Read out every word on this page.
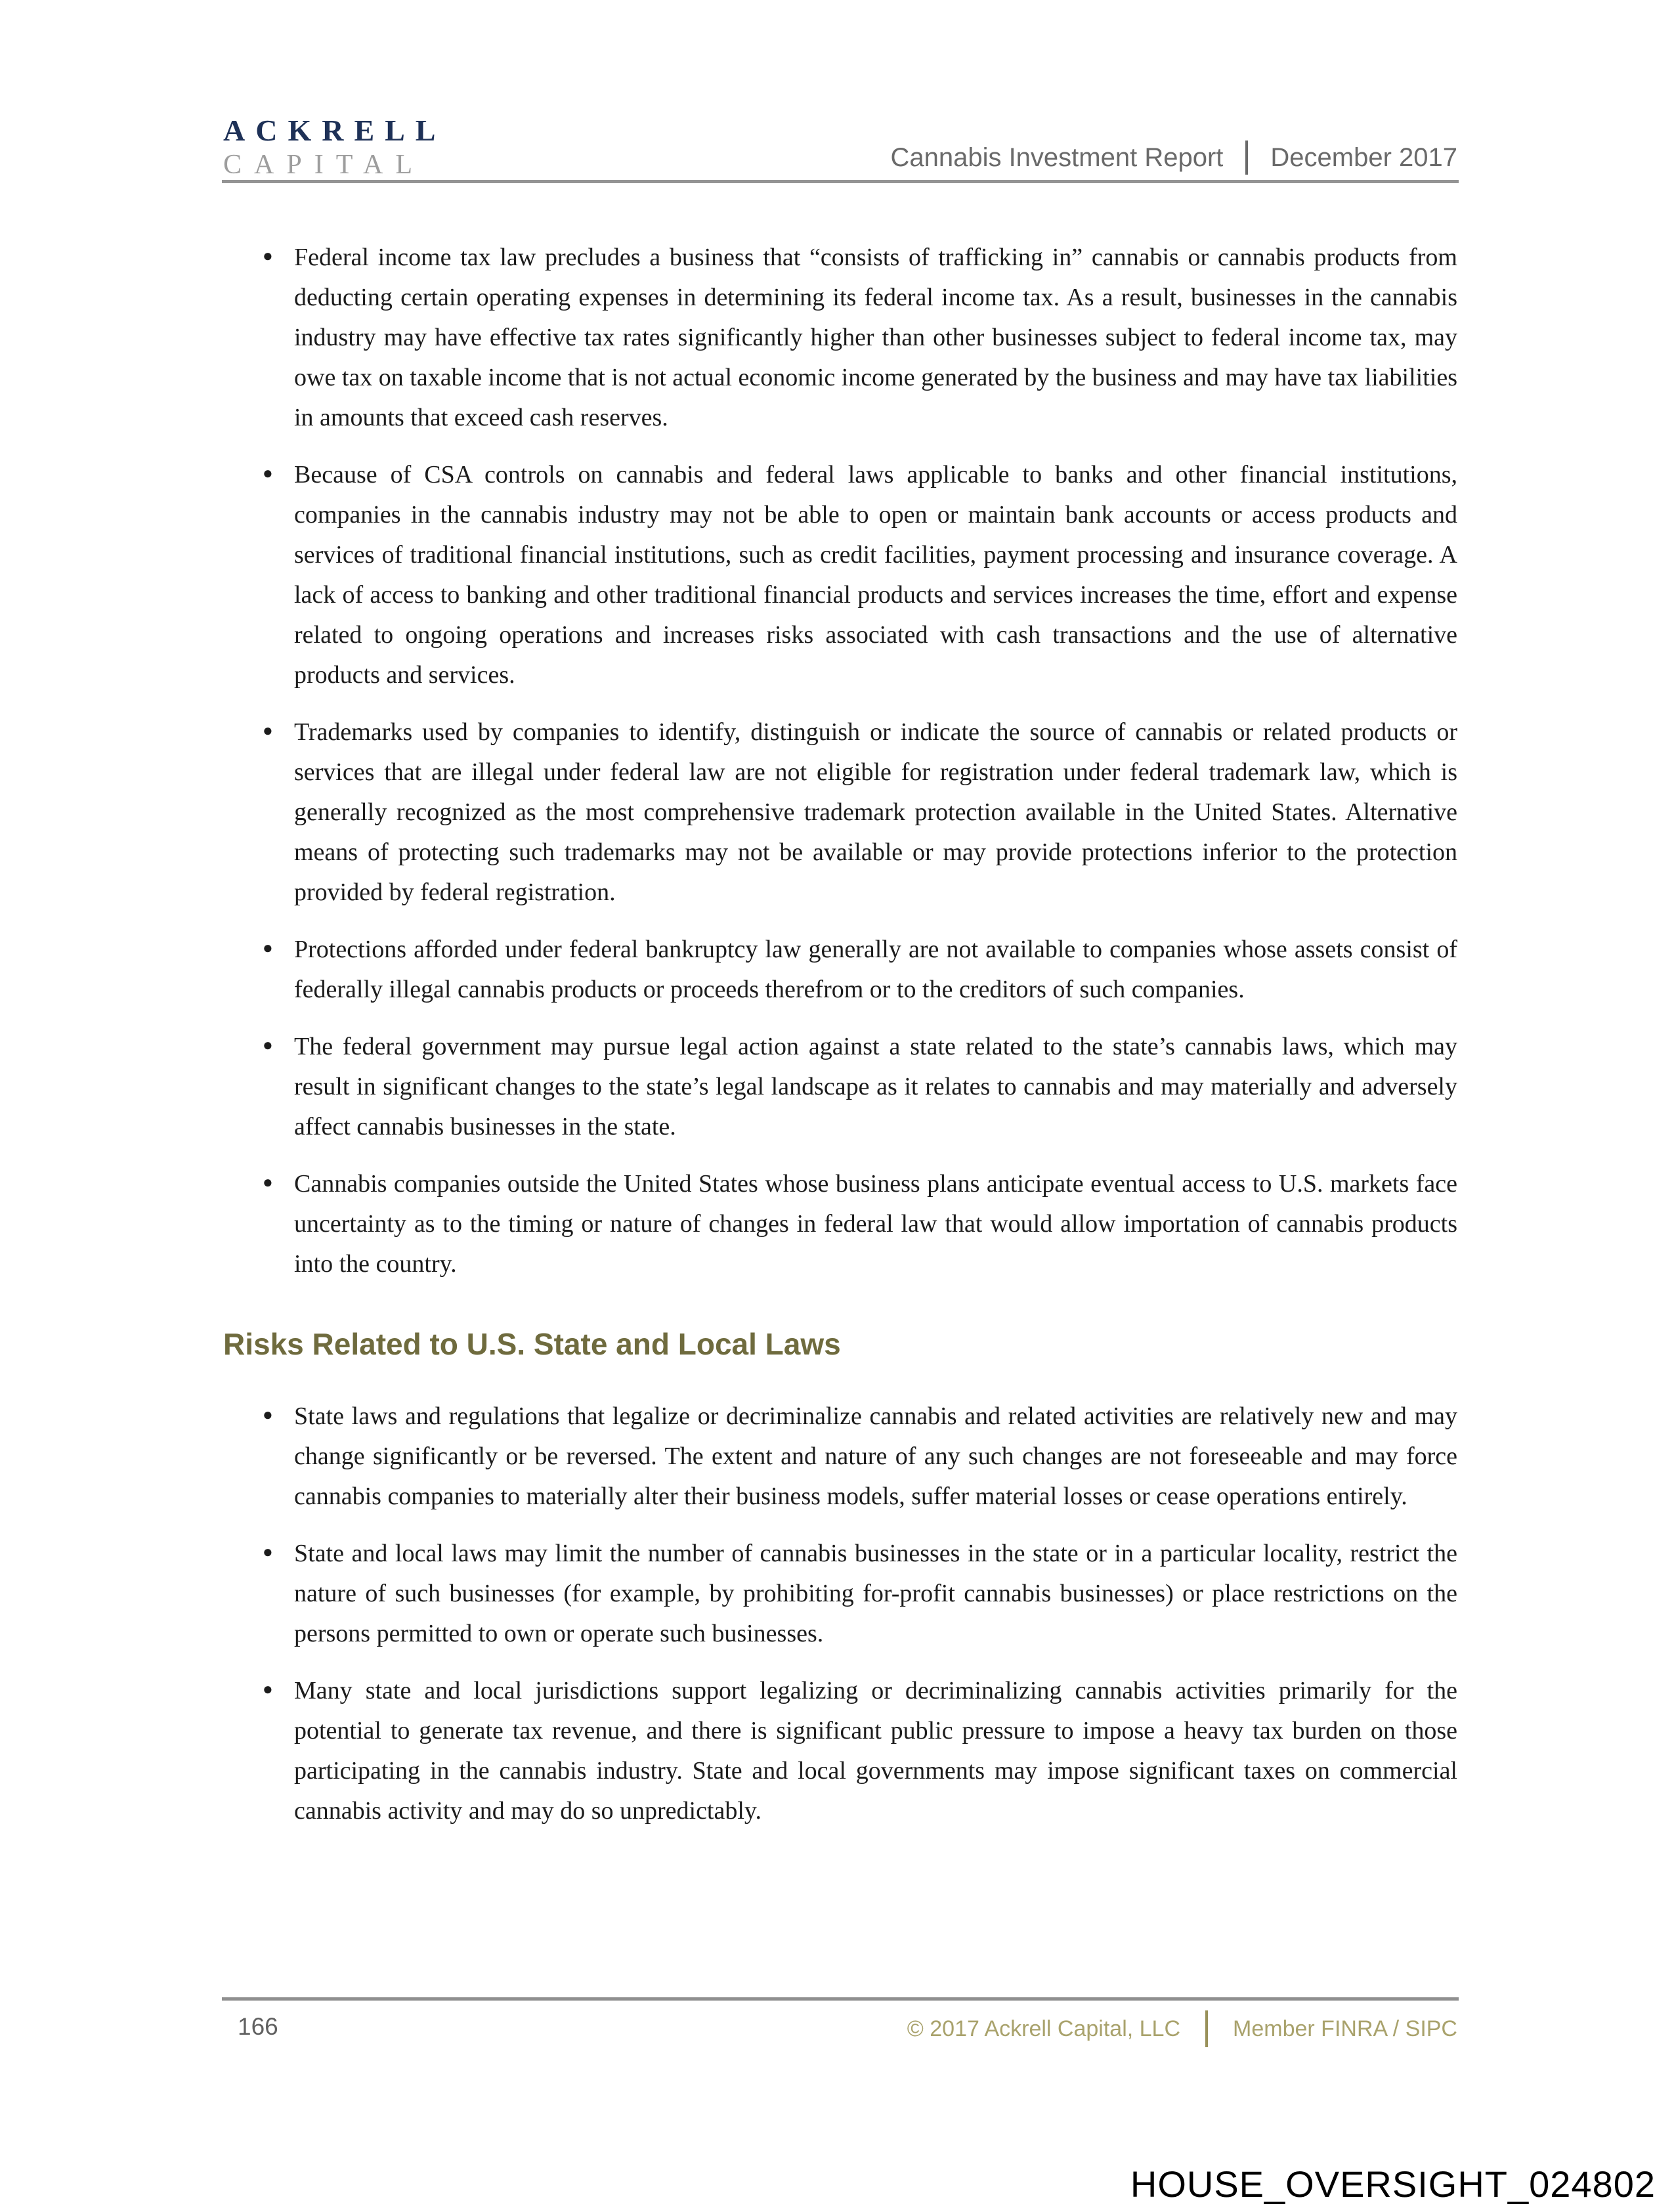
ACKRELL
CAPITAL	Cannabis Investment Report December 2017
● Federal income tax law precludes a business that “consists of trafficking in” cannabis or cannabis products from deducting certain operating expenses in determining its federal income tax. As a result, businesses in the cannabis industry may have effective tax rates significantly higher than other businesses subject to federal income tax, may owe tax on taxable income that is not actual economic income generated by the business and may have tax liabilities in amounts that exceed cash reserves.
● Because of CSA controls on cannabis and federal laws applicable to banks and other financial institutions, companies in the cannabis industry may not be able to open or maintain bank accounts or access products and services of traditional financial institutions, such as credit facilities, payment processing and insurance coverage. A lack of access to banking and other traditional financial products and services increases the time, effort and expense related to ongoing operations and increases risks associated with cash transactions and the use of alternative products and services.
● Trademarks used by companies to identify, distinguish or indicate the source of cannabis or related products or services that are illegal under federal law are not eligible for registration under federal trademark law, which is generally recognized as the most comprehensive trademark protection available in the United States. Alternative means of protecting such trademarks may not be available or may provide protections inferior to the protection provided by federal registration.
● Protections afforded under federal bankruptcy law generally are not available to companies whose assets consist of federally illegal cannabis products or proceeds therefrom or to the creditors of such companies.
● The federal government may pursue legal action against a state related to the state’s cannabis laws, which may result in significant changes to the state’s legal landscape as it relates to cannabis and may materially and adversely affect cannabis businesses in the state.
● Cannabis companies outside the United States whose business plans anticipate eventual access to U.S. markets face uncertainty as to the timing or nature of changes in federal law that would allow importation of cannabis products into the country.
Risks Related to U.S. State and Local Laws
● State laws and regulations that legalize or decriminalize cannabis and related activities are relatively new and may change significantly or be reversed. The extent and nature of any such changes are not foreseeable and may force cannabis companies to materially alter their business models, suffer material losses or cease operations entirely.
● State and local laws may limit the number of cannabis businesses in the state or in a particular locality, restrict the nature of such businesses (for example, by prohibiting for-profit cannabis businesses) or place restrictions on the persons permitted to own or operate such businesses.
● Many state and local jurisdictions support legalizing or decriminalizing cannabis activities primarily for the potential to generate tax revenue, and there is significant public pressure to impose a heavy tax burden on those participating in the cannabis industry. State and local governments may impose significant taxes on commercial cannabis activity and may do so unpredictably.
166	© 2017 Ackrell Capital, LLC Member FINRA / SIPC
HOUSE_OVERSIGHT_024802
